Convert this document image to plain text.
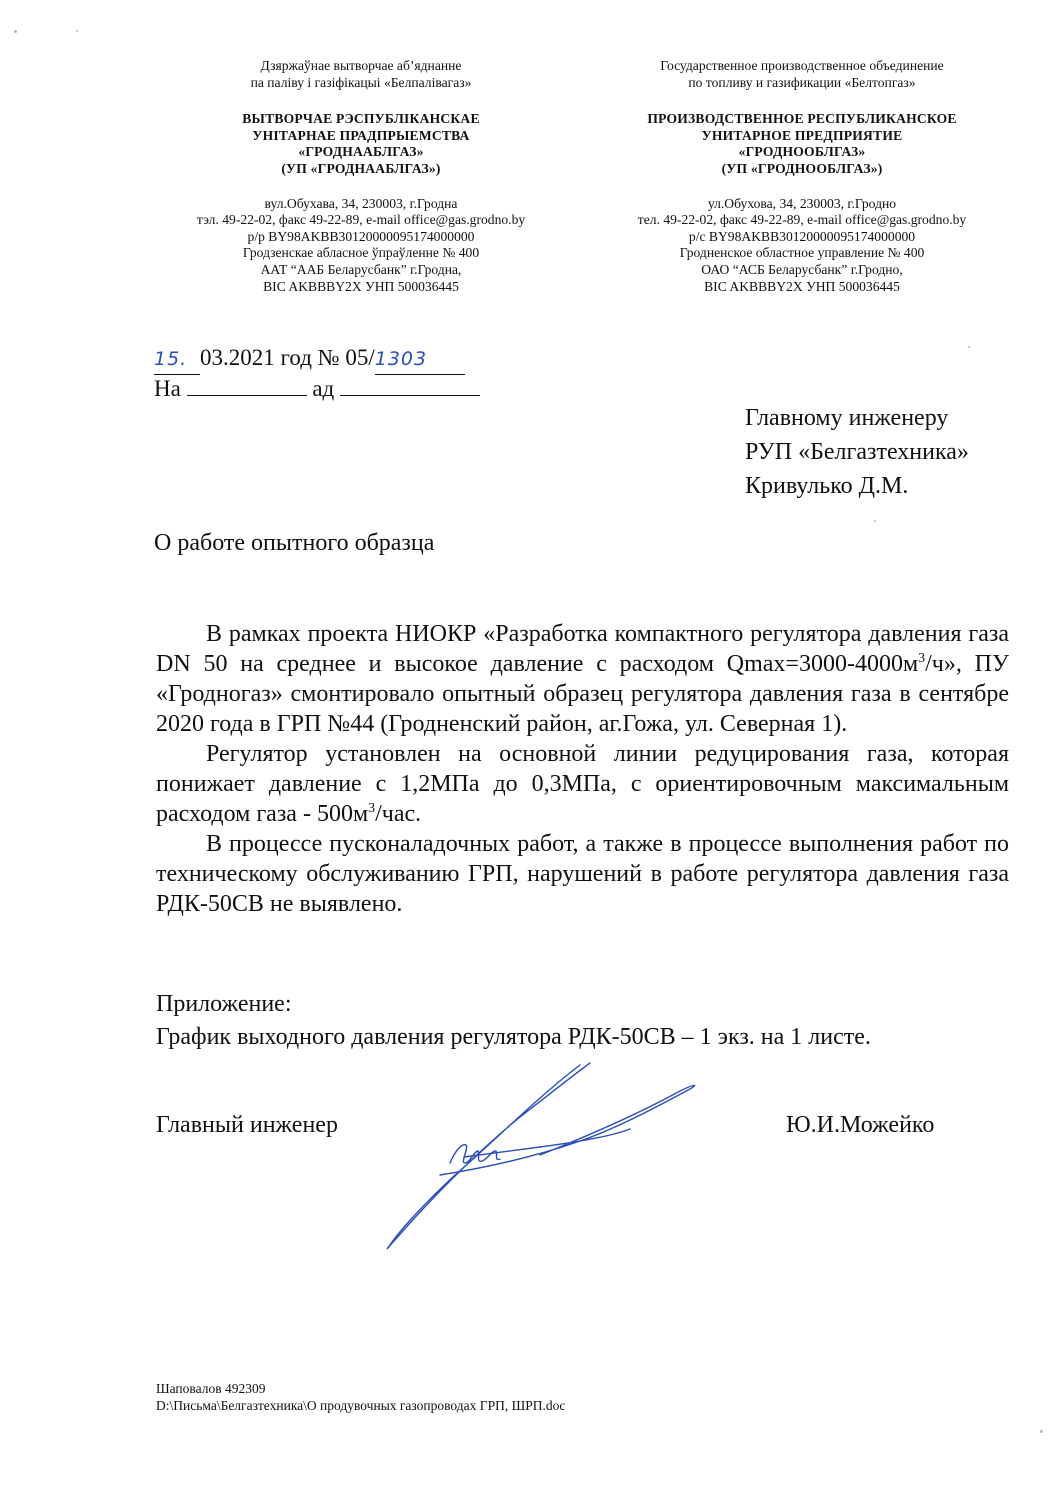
Дзяржаўнае вытворчае аб’яднанне
па паліву і газіфікацыі «Белпалівагаз»
ВЫТВОРЧАЕ РЭСПУБЛІКАНСКАЕ
УНІТАРНАЕ ПРАДПРЫЕМСТВА
«ГРОДНААБЛГАЗ»
(УП «ГРОДНААБЛГАЗ»)
вул.Обухава, 34, 230003, г.Гродна
тэл. 49-22-02, факс 49-22-89, e-mail office@gas.grodno.by
р/р BY98AKBB30120000095174000000
Гродзенскае абласное ўпраўленне № 400
ААТ “ААБ Беларусбанк” г.Гродна,
BIC AKBBBY2X УНП 500036445
Государственное производственное объединение
по топливу и газификации «Белтопгаз»
ПРОИЗВОДСТВЕННОЕ РЕСПУБЛИКАНСКОЕ
УНИТАРНОЕ ПРЕДПРИЯТИЕ
«ГРОДНООБЛГАЗ»
(УП «ГРОДНООБЛГАЗ»)
ул.Обухова, 34, 230003, г.Гродно
тел. 49-22-02, факс 49-22-89, e-mail office@gas.grodno.by
р/с BY98AKBB30120000095174000000
Гродненское областное управление № 400
ОАО “АСБ Беларусбанк” г.Гродно,
BIC AKBBBY2X УНП 500036445
15. 03.2021 год № 05/1303
На	ад
Главному инженеру
РУП «Белгазтехника»
Кривулько Д.М.
О работе опытного образца

В рамках проекта НИОКР «Разработка компактного регулятора давления газа DN 50 на среднее и высокое давление с расходом $Qmax=3000-4000м^3/ч$», ПУ «Гродногаз» смонтировало опытный образец регулятора давления газа в сентябре 2020 года в ГРП №44 (Гродненский район, аг.Гожа, ул. Северная 1).

Регулятор установлен на основной линии редуцирования газа, которая понижает давление с 1,2МПа до 0,3МПа, с ориентировочным максимальным расходом газа - $500м^3$/час.

В процессе пусконаладочных работ, а также в процессе выполнения работ по техническому обслуживанию ГРП, нарушений в работе регулятора давления газа РДК-50СВ не выявлено.

Приложение:
График выходного давления регулятора РДК-50СВ – 1 экз. на 1 листе.
Главный инженер	Ю.И.Можейко
Шаповалов 492309
D:\Письма\Белгазтехника\О продувочных газопроводах ГРП, ШРП.doc
